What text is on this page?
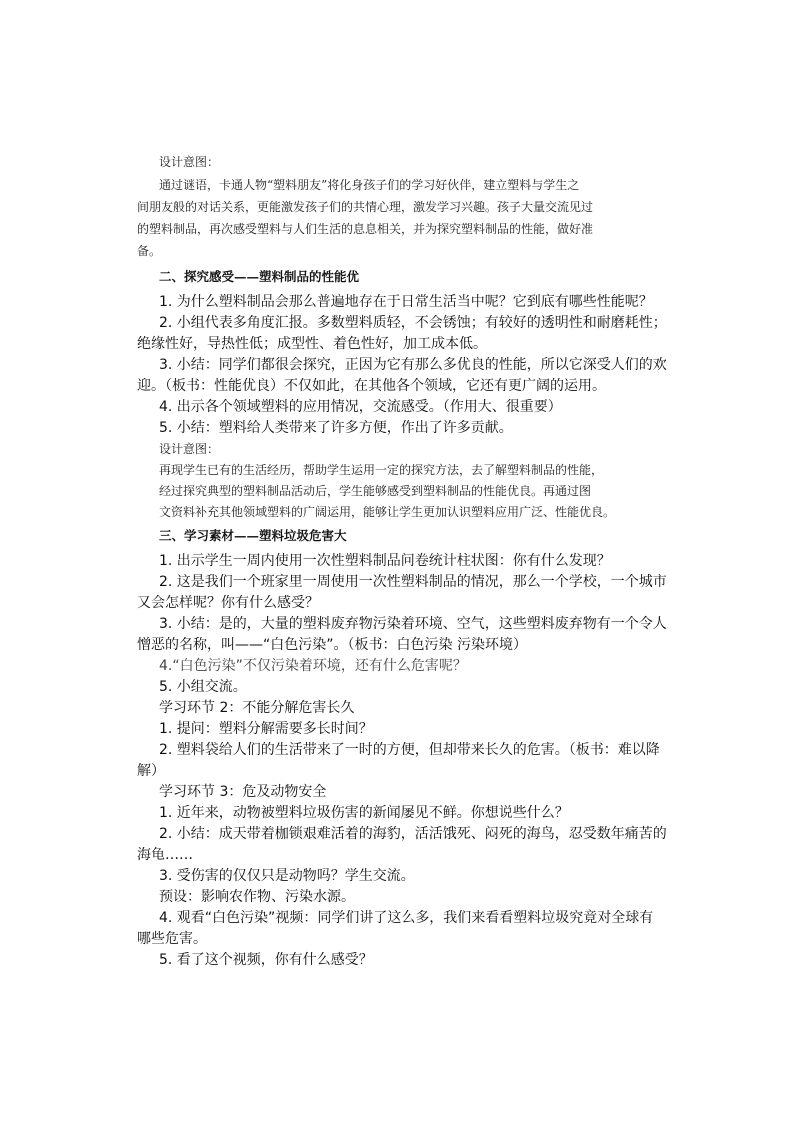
设计意图：
通过谜语，卡通人物“塑料朋友”将化身孩子们的学习好伙伴，建立塑料与学生之
间朋友般的对话关系，更能激发孩子们的共情心理，激发学习兴趣。孩子大量交流见过
的塑料制品，再次感受塑料与人们生活的息息相关，并为探究塑料制品的性能，做好准
备。
二、探究感受——塑料制品的性能优
1. 为什么塑料制品会那么普遍地存在于日常生活当中呢？它到底有哪些性能呢？
2. 小组代表多角度汇报。多数塑料质轻，不会锈蚀；有较好的透明性和耐磨耗性；
绝缘性好，导热性低；成型性、着色性好，加工成本低。
3. 小结：同学们都很会探究，正因为它有那么多优良的性能，所以它深受人们的欢
迎。（板书：性能优良）不仅如此，在其他各个领域，它还有更广阔的运用。
4. 出示各个领域塑料的应用情况，交流感受。（作用大、很重要）
5. 小结：塑料给人类带来了许多方便，作出了许多贡献。
设计意图：
再现学生已有的生活经历，帮助学生运用一定的探究方法，去了解塑料制品的性能，
经过探究典型的塑料制品活动后，学生能够感受到塑料制品的性能优良。再通过图
文资料补充其他领域塑料的广阔运用，能够让学生更加认识塑料应用广泛、性能优良。
三、学习素材——塑料垃圾危害大
1. 出示学生一周内使用一次性塑料制品问卷统计柱状图：你有什么发现？
2. 这是我们一个班家里一周使用一次性塑料制品的情况，那么一个学校，一个城市
又会怎样呢？你有什么感受？
3. 小结：是的，大量的塑料废弃物污染着环境、空气，这些塑料废弃物有一个令人
憎恶的名称，叫——“白色污染”。（板书：白色污染 污染环境）
4.“白色污染”不仅污染着环境，还有什么危害呢？
5. 小组交流。
学习环节 2：不能分解危害长久
1. 提问：塑料分解需要多长时间？
2. 塑料袋给人们的生活带来了一时的方便，但却带来长久的危害。（板书：难以降
解）
学习环节 3：危及动物安全
1. 近年来，动物被塑料垃圾伤害的新闻屡见不鲜。你想说些什么？
2. 小结：成天带着枷锁艰难活着的海豹，活活饿死、闷死的海鸟，忍受数年痛苦的
海龟……
3. 受伤害的仅仅只是动物吗？学生交流。
预设：影响农作物、污染水源。
4. 观看“白色污染”视频：同学们讲了这么多，我们来看看塑料垃圾究竟对全球有
哪些危害。
5. 看了这个视频，你有什么感受？
